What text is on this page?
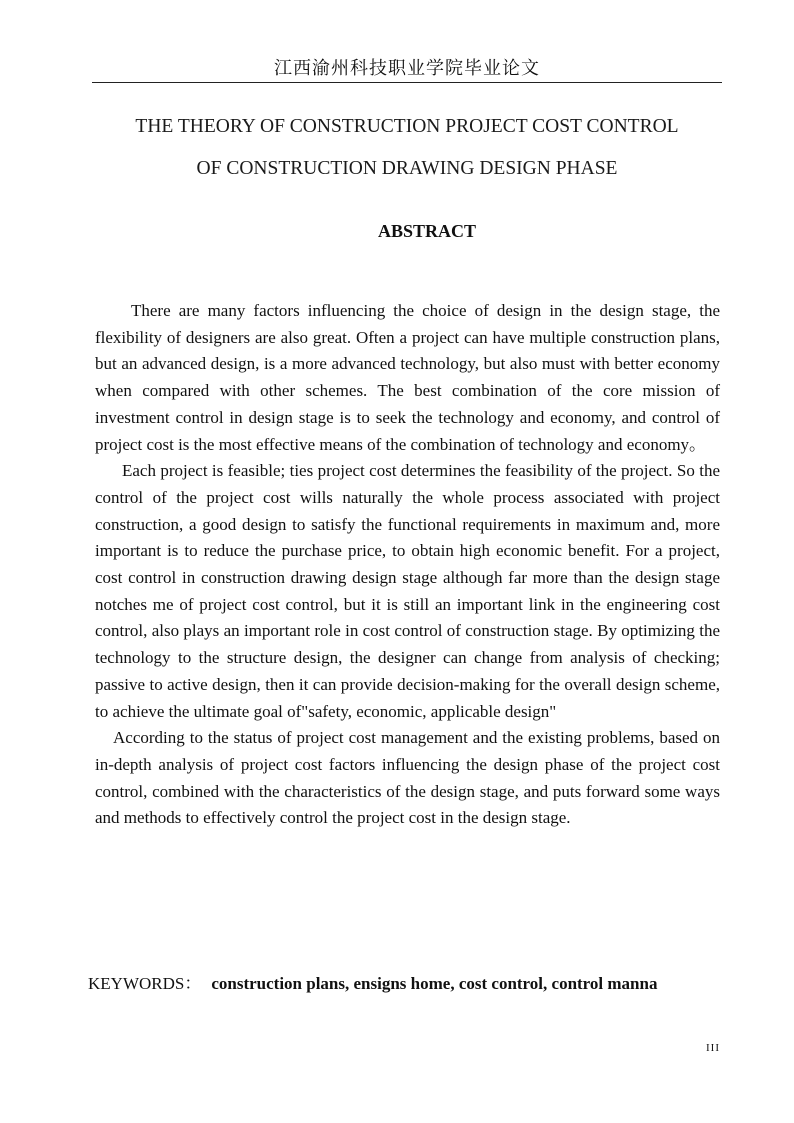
江西渝州科技职业学院毕业论文
THE THEORY OF CONSTRUCTION PROJECT COST CONTROL
OF CONSTRUCTION DRAWING DESIGN PHASE
ABSTRACT

There are many factors influencing the choice of design in the design stage, the flexibility of designers are also great. Often a project can have multiple construction plans, but an advanced design, is a more advanced technology, but also must with better economy when compared with other schemes. The best combination of the core mission of investment control in design stage is to seek the technology and economy, and control of project cost is the most effective means of the combination of technology and economy。

Each project is feasible; ties project cost determines the feasibility of the project. So the control of the project cost wills naturally the whole process associated with project construction, a good design to satisfy the functional requirements in maximum and, more important is to reduce the purchase price, to obtain high economic benefit. For a project, cost control in construction drawing design stage although far more than the design stage notches me of project cost control, but it is still an important link in the engineering cost control, also plays an important role in cost control of construction stage. By optimizing the technology to the structure design, the designer can change from analysis of checking; passive to active design, then it can provide decision-making for the overall design scheme, to achieve the ultimate goal of"safety, economic, applicable design"

According to the status of project cost management and the existing problems, based on in-depth analysis of project cost factors influencing the design phase of the project cost control, combined with the characteristics of the design stage, and puts forward some ways and methods to effectively control the project cost in the design stage.

KEYWORDS： construction plans, ensigns home, cost control, control manna
III
